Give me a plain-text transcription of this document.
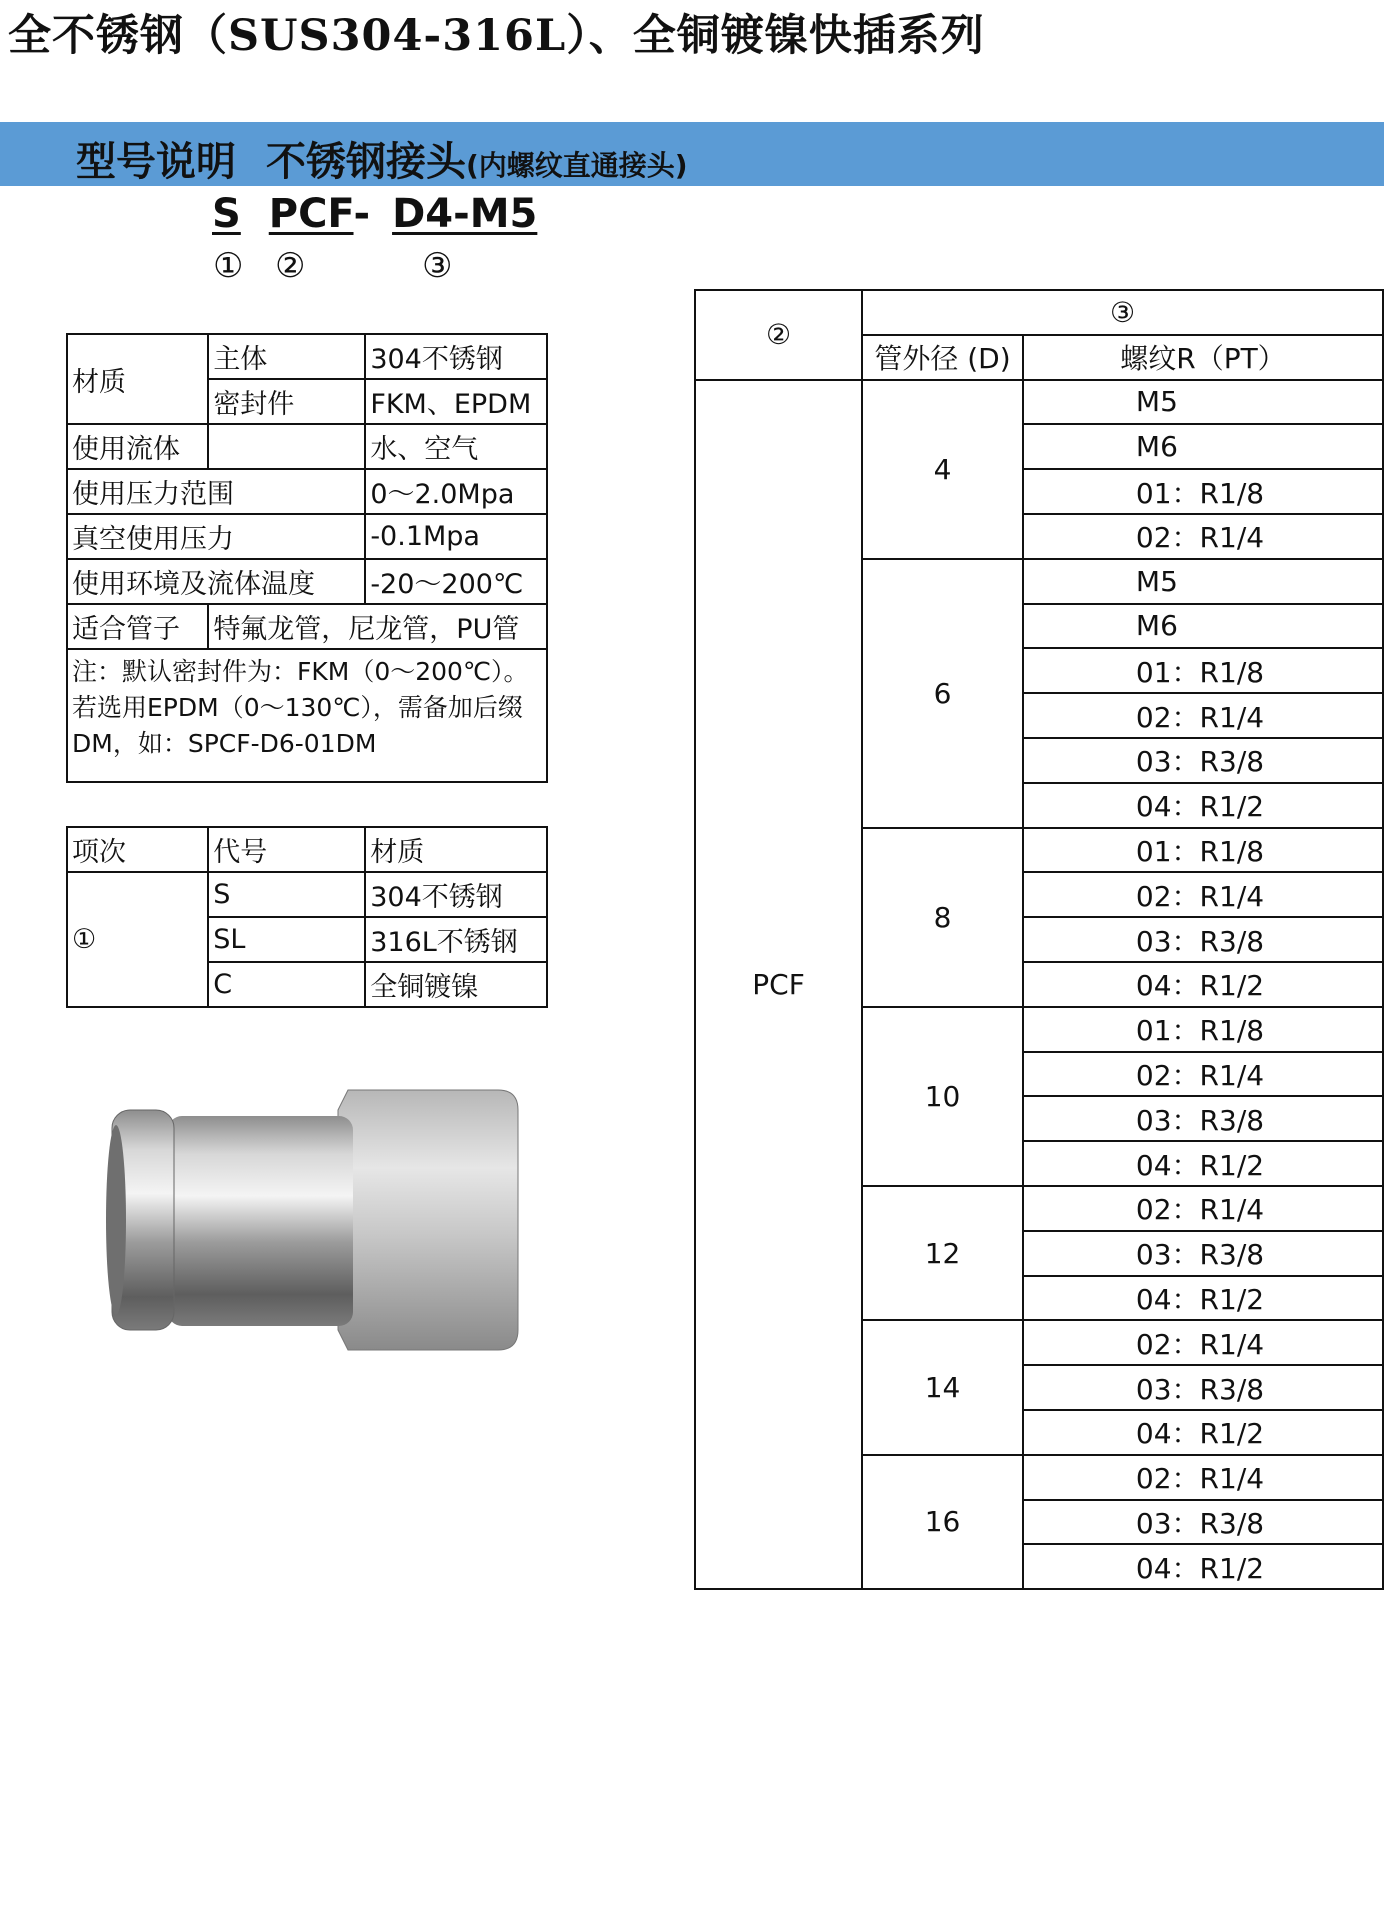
全不锈钢（SUS304-316L）、全铜镀镍快插系列
型号说明 不锈钢接头(内螺纹直通接头)
S PCF- D4-M5
① ②	③
材质	主体	304不锈钢
	密封件	FKM、EPDM
使用流体		水、空气
使用压力范围		0～2.0Mpa
真空使用压力		-0.1Mpa
使用环境及流体温度		-20～200℃
适合管子	特氟龙管，尼龙管，PU管	

注：默认密封件为：FKM（0～200℃）。
若选用EPDM（0～130℃），需备加后缀
DM，如：SPCF-D6-01DM		
项次	代号	材质
①	S	304不锈钢
	SL	316L不锈钢
	C	全铜镀镍
②	③	
	管外径 (D)	螺纹R（PT）
PCF	4	M5
		M6
		01：R1/8
		02：R1/4
	6	M5
		M6
		01：R1/8
		02：R1/4
		03：R3/8
		04：R1/2
	8	01：R1/8
		02：R1/4
		03：R3/8
		04：R1/2
	10	01：R1/8
		02：R1/4
		03：R3/8
		04：R1/2
	12	02：R1/4
		03：R3/8
		04：R1/2
	14	02：R1/4
		03：R3/8
		04：R1/2
	16	02：R1/4
		03：R3/8
		04：R1/2
